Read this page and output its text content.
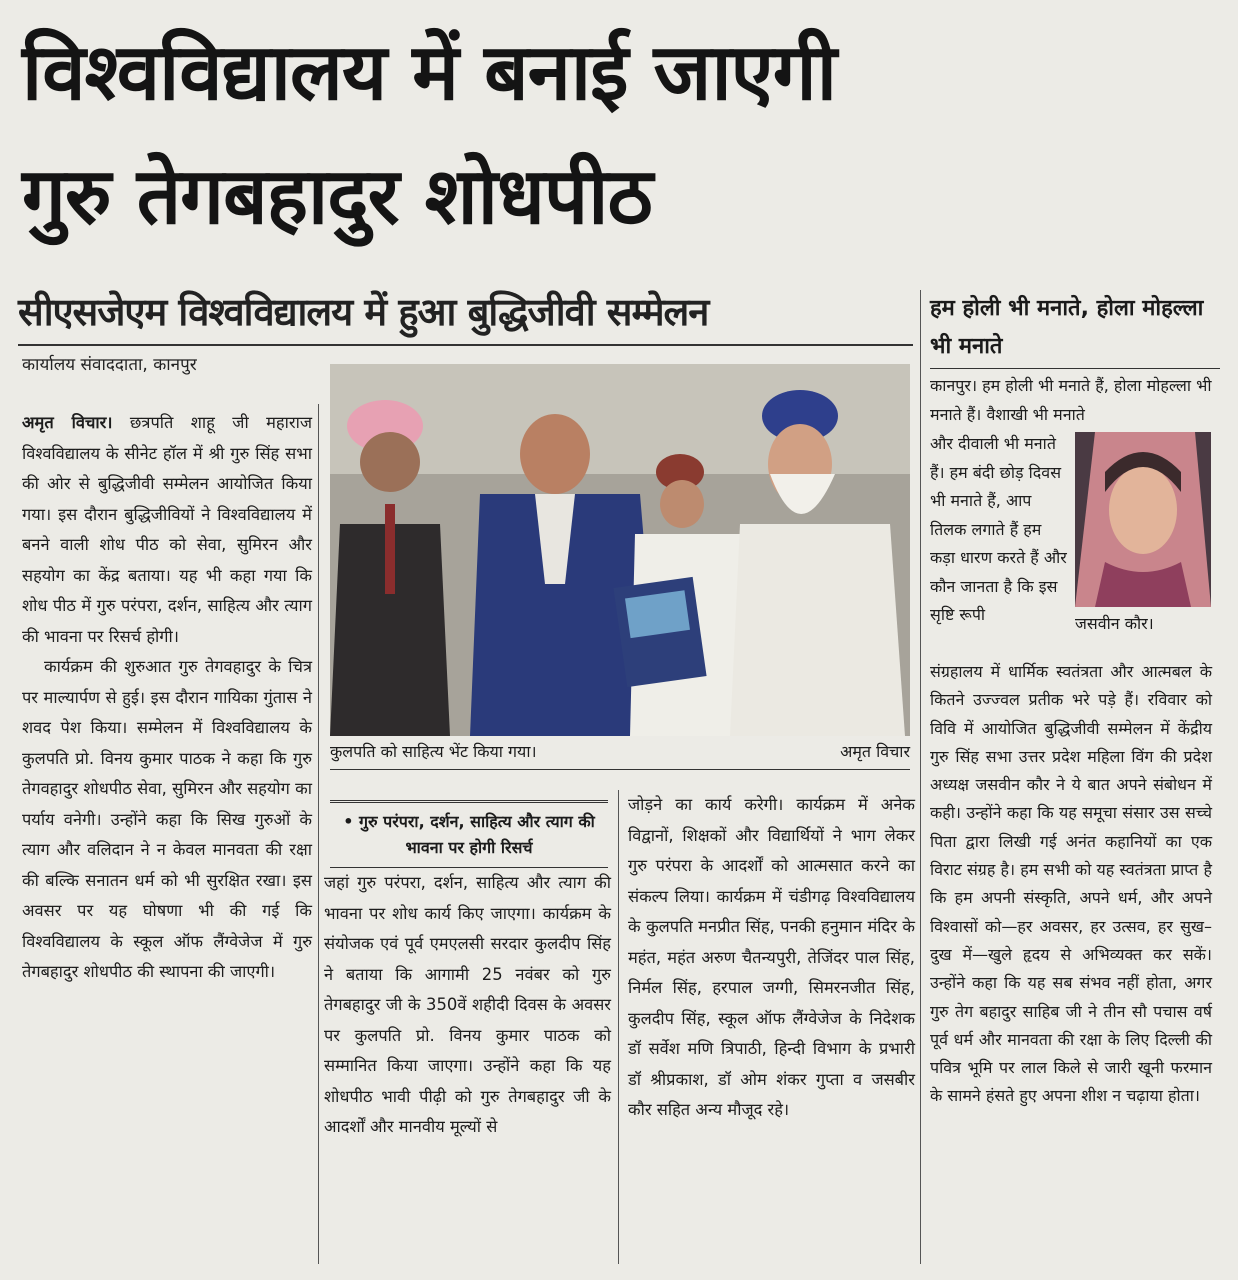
विश्वविद्यालय में बनाई जाएगी
गुरु तेगबहादुर शोधपीठ
सीएसजेएम विश्वविद्यालय में हुआ बुद्धिजीवी सम्मेलन
कार्यालय संवाददाता, कानपुर

अमृत विचार। छत्रपति शाहू जी महाराज विश्वविद्यालय के सीनेट हॉल में श्री गुरु सिंह सभा की ओर से बुद्धिजीवी सम्मेलन आयोजित किया गया। इस दौरान बुद्धिजीवियों ने विश्वविद्यालय में बनने वाली शोध पीठ को सेवा, सुमिरन और सहयोग का केंद्र बताया। यह भी कहा गया कि शोध पीठ में गुरु परंपरा, दर्शन, साहित्य और त्याग की भावना पर रिसर्च होगी।

कार्यक्रम की शुरुआत गुरु तेगवहादुर के चित्र पर माल्यार्पण से हुई। इस दौरान गायिका गुंतास ने शवद पेश किया। सम्मेलन में विश्वविद्यालय के कुलपति प्रो. विनय कुमार पाठक ने कहा कि गुरु तेगवहादुर शोधपीठ सेवा, सुमिरन और सहयोग का पर्याय वनेगी। उन्होंने कहा कि सिख गुरुओं के त्याग और वलिदान ने न केवल मानवता की रक्षा की बल्कि सनातन धर्म को भी सुरक्षित रखा। इस अवसर पर यह घोषणा भी की गई कि विश्वविद्यालय के स्कूल ऑफ लैंग्वेजेज में गुरु तेगबहादुर शोधपीठ की स्थापना की जाएगी।

कुलपति को साहित्य भेंट किया गया।	अमृत विचार
• गुरु परंपरा, दर्शन, साहित्य और त्याग की भावना पर होगी रिसर्च
जहां गुरु परंपरा, दर्शन, साहित्य और त्याग की भावना पर शोध कार्य किए जाएगा। कार्यक्रम के संयोजक एवं पूर्व एमएलसी सरदार कुलदीप सिंह ने बताया कि आगामी 25 नवंबर को गुरु तेगबहादुर जी के 350वें शहीदी दिवस के अवसर पर कुलपति प्रो. विनय कुमार पाठक को सम्मानित किया जाएगा। उन्होंने कहा कि यह शोधपीठ भावी पीढ़ी को गुरु तेगबहादुर जी के आदर्शों और मानवीय मूल्यों से
जोड़ने का कार्य करेगी। कार्यक्रम में अनेक विद्वानों, शिक्षकों और विद्यार्थियों ने भाग लेकर गुरु परंपरा के आदर्शों को आत्मसात करने का संकल्प लिया। कार्यक्रम में चंडीगढ़ विश्वविद्यालय के कुलपति मनप्रीत सिंह, पनकी हनुमान मंदिर के महंत, महंत अरुण चैतन्यपुरी, तेजिंदर पाल सिंह, निर्मल सिंह, हरपाल जग्गी, सिमरनजीत सिंह, कुलदीप सिंह, स्कूल ऑफ लैंग्वेजेज के निदेशक डॉ सर्वेश मणि त्रिपाठी, हिन्दी विभाग के प्रभारी डॉ श्रीप्रकाश, डॉ ओम शंकर गुप्ता व जसबीर कौर सहित अन्य मौजूद रहे।
हम होली भी मनाते, होला मोहल्ला भी मनाते
कानपुर। हम होली भी मनाते हैं, होला मोहल्ला भी मनाते हैं। वैशाखी भी मनाते
और दीवाली भी मनाते हैं। हम बंदी छोड़ दिवस भी मनाते हैं, आप तिलक लगाते हैं हम कड़ा धारण करते हैं और कौन जानता है कि इस सृष्टि रूपी	जसवीन कौर।
संग्रहालय में धार्मिक स्वतंत्रता और आत्मबल के कितने उज्ज्वल प्रतीक भरे पड़े हैं। रविवार को विवि में आयोजित बुद्धिजीवी सम्मेलन में केंद्रीय गुरु सिंह सभा उत्तर प्रदेश महिला विंग की प्रदेश अध्यक्ष जसवीन कौर ने ये बात अपने संबोधन में कही। उन्होंने कहा कि यह समूचा संसार उस सच्चे पिता द्वारा लिखी गई अनंत कहानियों का एक विराट संग्रह है। हम सभी को यह स्वतंत्रता प्राप्त है कि हम अपनी संस्कृति, अपने धर्म, और अपने विश्वासों को—हर अवसर, हर उत्सव, हर सुख–दुख में—खुले हृदय से अभिव्यक्त कर सकें। उन्होंने कहा कि यह सब संभव नहीं होता, अगर गुरु तेग बहादुर साहिब जी ने तीन सौ पचास वर्ष पूर्व धर्म और मानवता की रक्षा के लिए दिल्ली की पवित्र भूमि पर लाल किले से जारी खूनी फरमान के सामने हंसते हुए अपना शीश न चढ़ाया होता।
